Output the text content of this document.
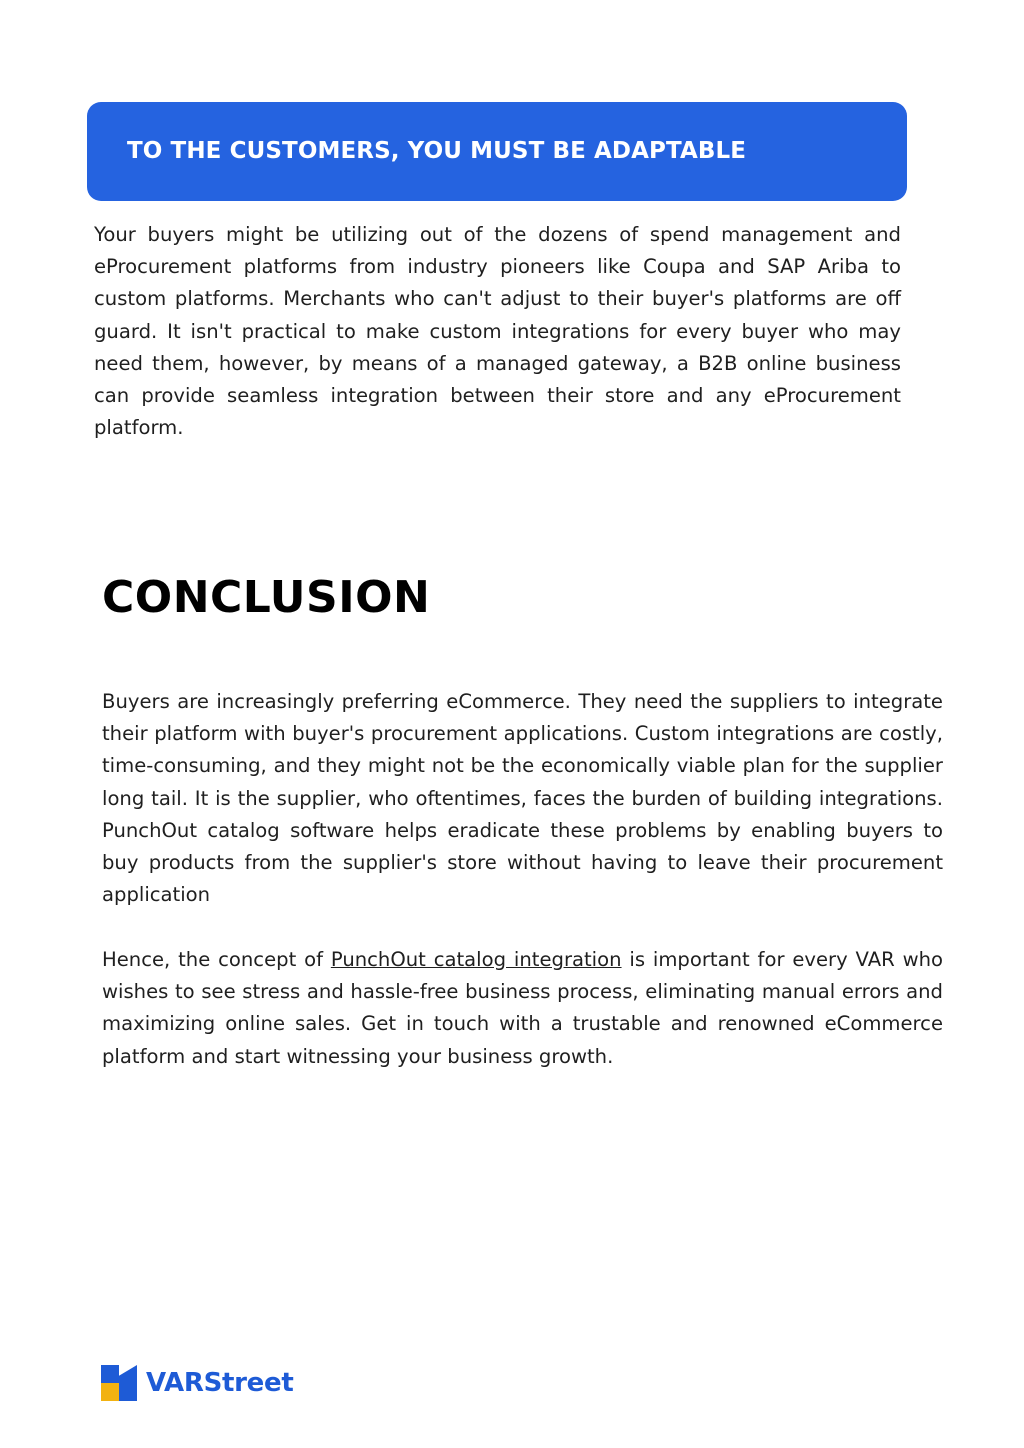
TO THE CUSTOMERS, YOU MUST BE ADAPTABLE

Your buyers might be utilizing out of the dozens of spend management and eProcurement platforms from industry pioneers like Coupa and SAP Ariba to custom platforms. Merchants who can't adjust to their buyer's platforms are off guard. It isn't practical to make custom integrations for every buyer who may need them, however, by means of a managed gateway, a B2B online business can provide seamless integration between their store and any eProcurement platform.

CONCLUSION

Buyers are increasingly preferring eCommerce. They need the suppliers to integrate their platform with buyer's procurement applications. Custom integrations are costly, time-consuming, and they might not be the economically viable plan for the supplier long tail. It is the supplier, who oftentimes, faces the burden of building integrations. PunchOut catalog software helps eradicate these problems by enabling buyers to buy products from the supplier's store without having to leave their procurement application

Hence, the concept of PunchOut catalog integration is important for every VAR who wishes to see stress and hassle-free business process, eliminating manual errors and maximizing online sales. Get in touch with a trustable and renowned eCommerce platform and start witnessing your business growth.

VARStreet
